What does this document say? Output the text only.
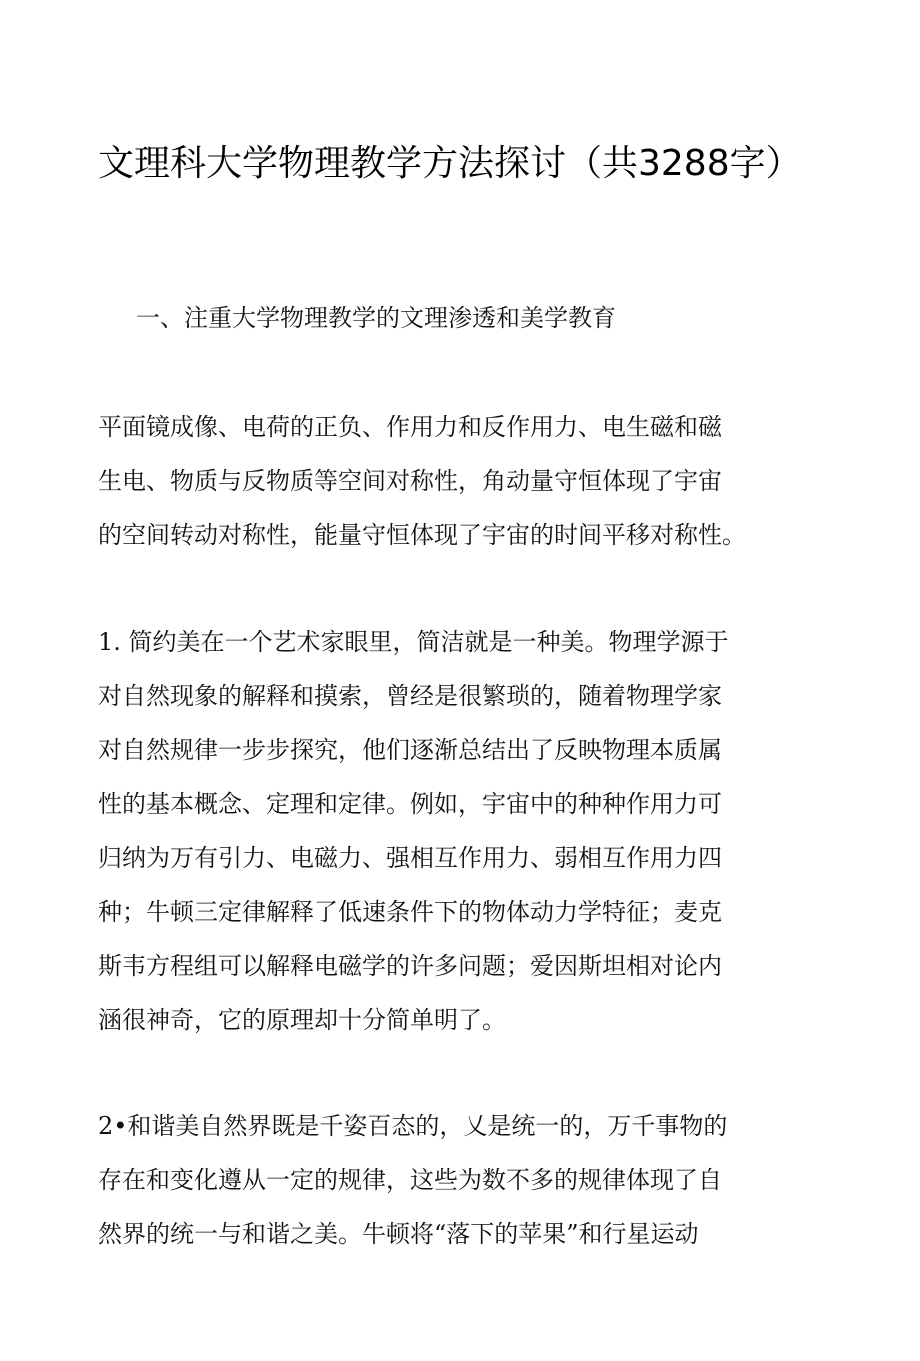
文理科大学物理教学方法探讨（共3288字）
一、注重大学物理教学的文理渗透和美学教育
平面镜成像、电荷的正负、作用力和反作用力、电生磁和磁
生电、物质与反物质等空间对称性，角动量守恒体现了宇宙
的空间转动对称性，能量守恒体现了宇宙的时间平移对称性。
1. 简约美在一个艺术家眼里，简洁就是一种美。物理学源于
对自然现象的解释和摸索，曾经是很繁琐的，随着物理学家
对自然规律一步步探究，他们逐渐总结出了反映物理本质属
性的基本概念、定理和定律。例如，宇宙中的种种作用力可
归纳为万有引力、电磁力、强相互作用力、弱相互作用力四
种；牛顿三定律解释了低速条件下的物体动力学特征；麦克
斯韦方程组可以解释电磁学的许多问题；爱因斯坦相对论内
涵很神奇，它的原理却十分简单明了。
2•和谐美自然界既是千姿百态的，乂是统一的，万千事物的
存在和变化遵从一定的规律，这些为数不多的规律体现了自
然界的统一与和谐之美。牛顿将“落下的苹果”和行星运动
